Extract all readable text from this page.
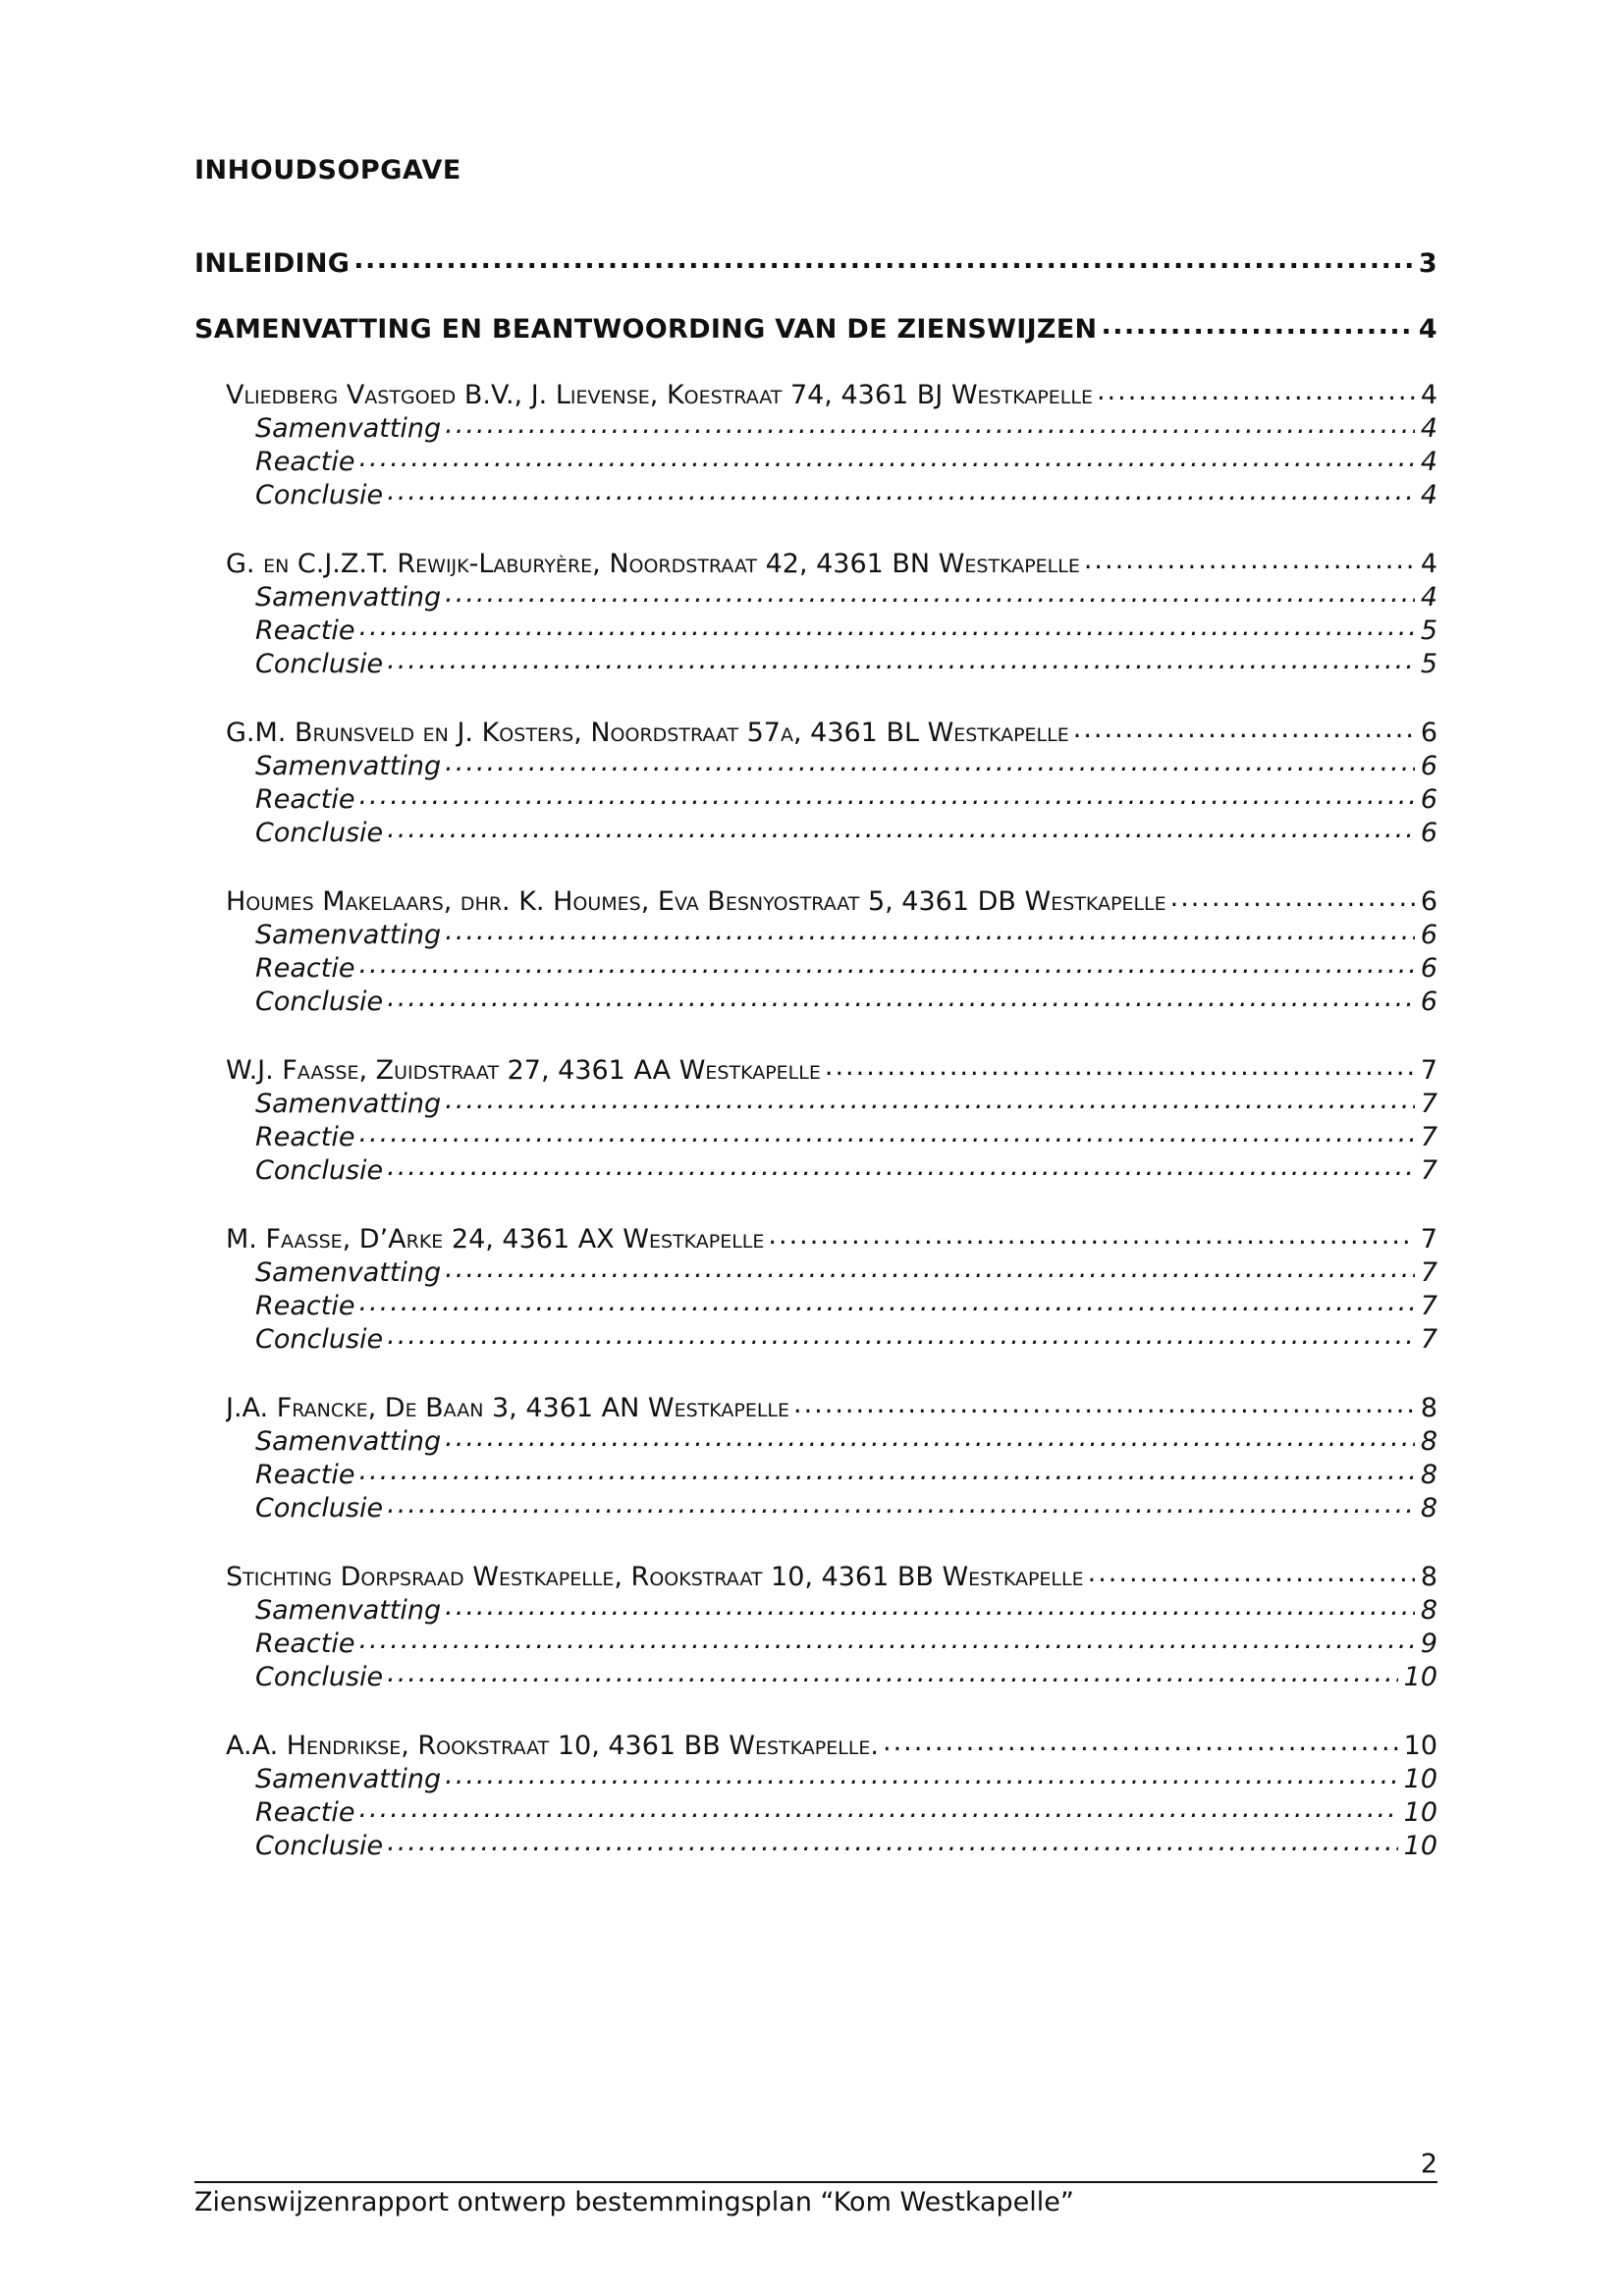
INHOUDSOPGAVE
INLEIDING .....	3
SAMENVATTING EN BEANTWOORDING VAN DE ZIENSWIJZEN .....	4
Vliedberg Vastgoed B.V., J. Lievense, Koestraat 74, 4361 BJ Westkapelle .....	4
Samenvatting .....	4
Reactie .....	4
Conclusie .....	4
G. en C.J.Z.T. Rewijk-Laburyère, Noordstraat 42, 4361 BN Westkapelle .....	4
Samenvatting .....	4
Reactie .....	5
Conclusie .....	5
G.M. Brunsveld en J. Kosters, Noordstraat 57a, 4361 BL Westkapelle .....	6
Samenvatting .....	6
Reactie .....	6
Conclusie .....	6
Houmes Makelaars, dhr. K. Houmes, Eva Besnyostraat 5, 4361 DB Westkapelle .....	6
Samenvatting .....	6
Reactie .....	6
Conclusie .....	6
W.J. Faasse, Zuidstraat 27, 4361 AA Westkapelle .....	7
Samenvatting .....	7
Reactie .....	7
Conclusie .....	7
M. Faasse, D’Arke 24, 4361 AX Westkapelle .....	7
Samenvatting .....	7
Reactie .....	7
Conclusie .....	7
J.A. Francke, De Baan 3, 4361 AN Westkapelle .....	8
Samenvatting .....	8
Reactie .....	8
Conclusie .....	8
Stichting Dorpsraad Westkapelle, Rookstraat 10, 4361 BB Westkapelle .....	8
Samenvatting .....	8
Reactie .....	9
Conclusie .....	10
A.A. Hendrikse, Rookstraat 10, 4361 BB Westkapelle. .....	10
Samenvatting .....	10
Reactie .....	10
Conclusie .....	10
2
Zienswijzenrapport ontwerp bestemmingsplan “Kom Westkapelle”
